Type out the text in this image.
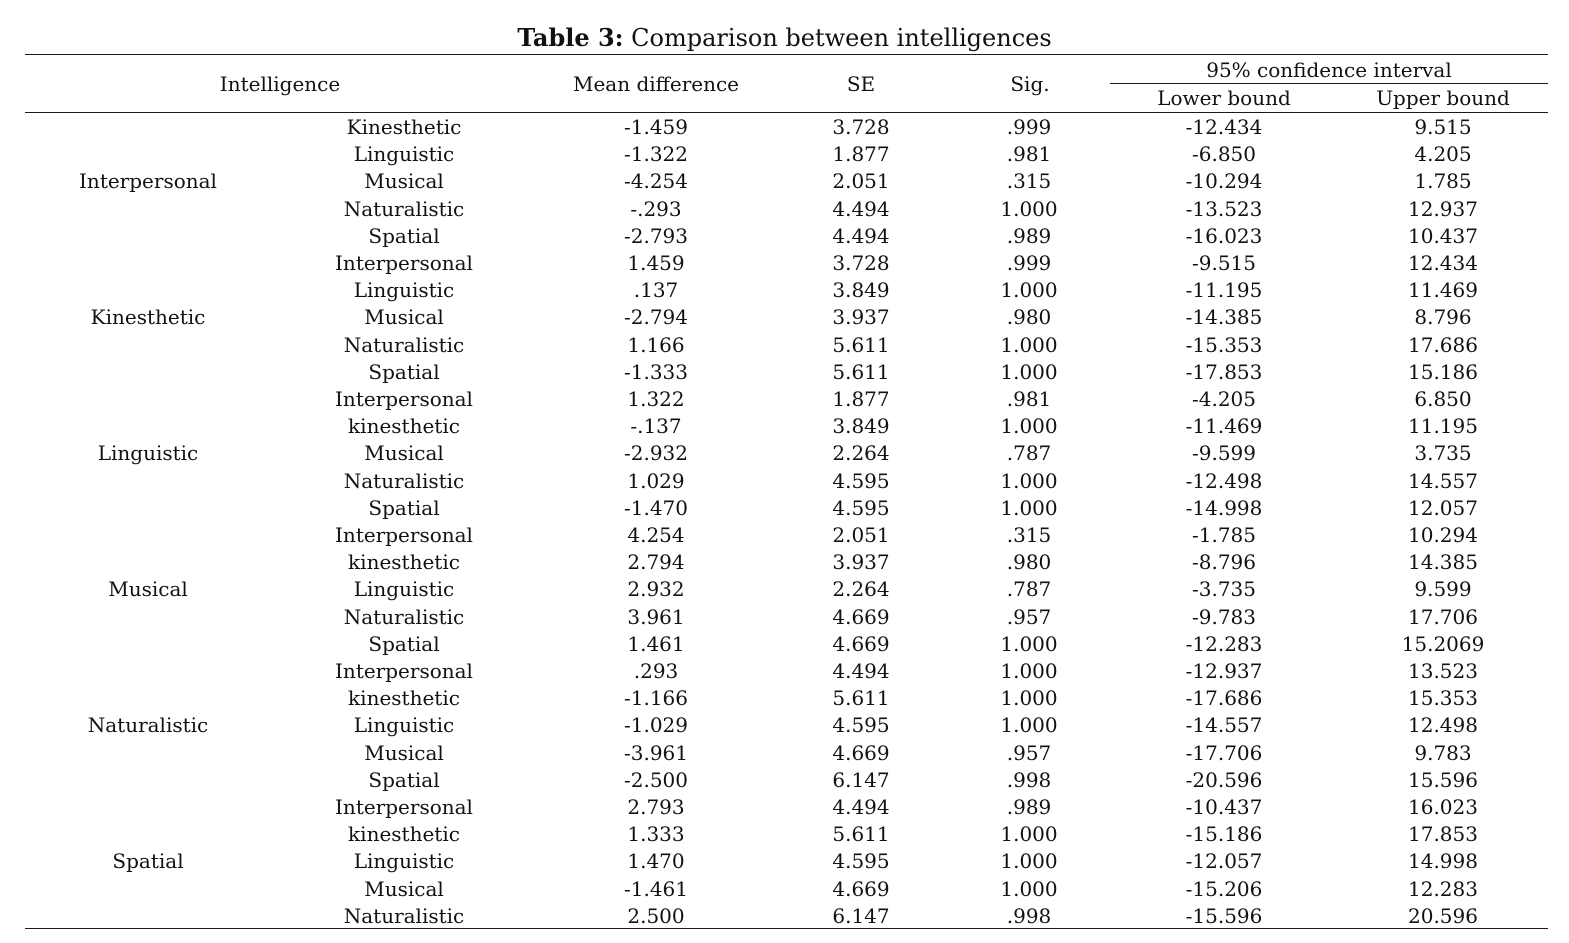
Table 3: Comparison between intelligences
Intelligence	Mean difference	SE	Sig.
95% confidence interval
Lower bound	Upper bound
Interpersonal
Kinesthetic	-1.459	3.728	.999	-12.434	9.515
Linguistic	-1.322	1.877	.981	-6.850	4.205
Musical	-4.254	2.051	.315	-10.294	1.785
Naturalistic	-.293	4.494	1.000	-13.523	12.937
Spatial	-2.793	4.494	.989	-16.023	10.437
Kinesthetic
Interpersonal	1.459	3.728	.999	-9.515	12.434
Linguistic	.137	3.849	1.000	-11.195	11.469
Musical	-2.794	3.937	.980	-14.385	8.796
Naturalistic	1.166	5.611	1.000	-15.353	17.686
Spatial	-1.333	5.611	1.000	-17.853	15.186
Linguistic
Interpersonal	1.322	1.877	.981	-4.205	6.850
kinesthetic	-.137	3.849	1.000	-11.469	11.195
Musical	-2.932	2.264	.787	-9.599	3.735
Naturalistic	1.029	4.595	1.000	-12.498	14.557
Spatial	-1.470	4.595	1.000	-14.998	12.057
Musical
Interpersonal	4.254	2.051	.315	-1.785	10.294
kinesthetic	2.794	3.937	.980	-8.796	14.385
Linguistic	2.932	2.264	.787	-3.735	9.599
Naturalistic	3.961	4.669	.957	-9.783	17.706
Spatial	1.461	4.669	1.000	-12.283	15.2069
Naturalistic
Interpersonal	.293	4.494	1.000	-12.937	13.523
kinesthetic	-1.166	5.611	1.000	-17.686	15.353
Linguistic	-1.029	4.595	1.000	-14.557	12.498
Musical	-3.961	4.669	.957	-17.706	9.783
Spatial	-2.500	6.147	.998	-20.596	15.596
Spatial
Interpersonal	2.793	4.494	.989	-10.437	16.023
kinesthetic	1.333	5.611	1.000	-15.186	17.853
Linguistic	1.470	4.595	1.000	-12.057	14.998
Musical	-1.461	4.669	1.000	-15.206	12.283
Naturalistic	2.500	6.147	.998	-15.596	20.596
